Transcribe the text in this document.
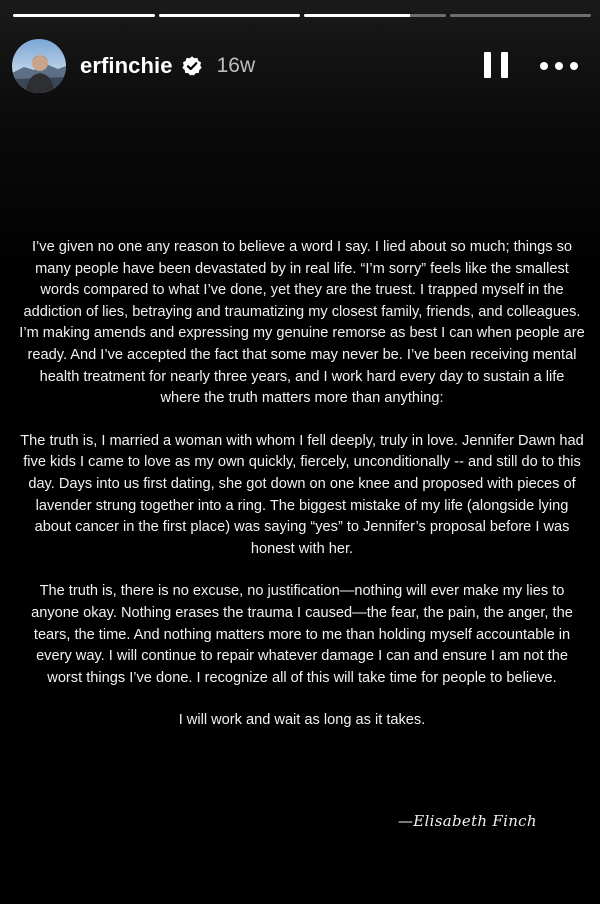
erfinchie 16w

I’ve given no one any reason to believe a word I say. I lied about so much; things so many people have been devastated by in real life. “I’m sorry” feels like the smallest words compared to what I’ve done, yet they are the truest. I trapped myself in the addiction of lies, betraying and traumatizing my closest family, friends, and colleagues. I’m making amends and expressing my genuine remorse as best I can when people are ready. And I’ve accepted the fact that some may never be. I’ve been receiving mental health treatment for nearly three years, and I work hard every day to sustain a life where the truth matters more than anything:

The truth is, I married a woman with whom I fell deeply, truly in love. Jennifer Dawn had five kids I came to love as my own quickly, fiercely, unconditionally -- and still do to this day. Days into us first dating, she got down on one knee and proposed with pieces of lavender strung together into a ring. The biggest mistake of my life (alongside lying about cancer in the first place) was saying “yes” to Jennifer’s proposal before I was honest with her.

The truth is, there is no excuse, no justification—nothing will ever make my lies to anyone okay. Nothing erases the trauma I caused—the fear, the pain, the anger, the tears, the time. And nothing matters more to me than holding myself accountable in every way. I will continue to repair whatever damage I can and ensure I am not the worst things I’ve done. I recognize all of this will take time for people to believe.

I will work and wait as long as it takes.

—Elisabeth Finch
